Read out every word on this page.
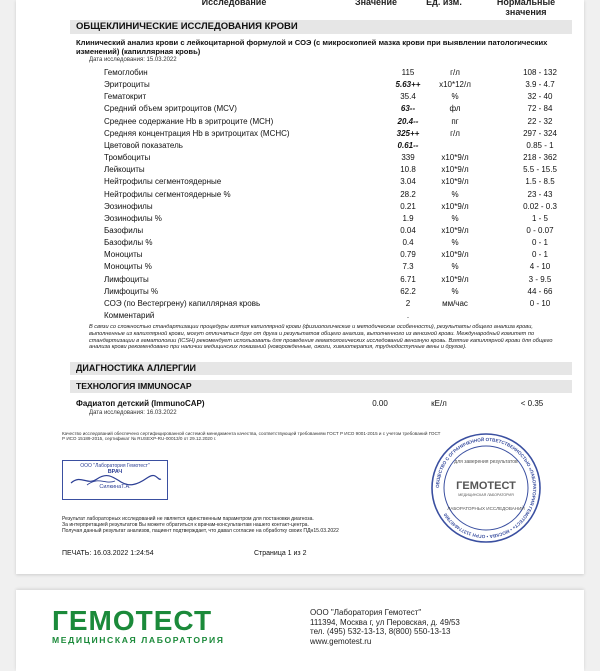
Исследование	Значение	Ед. изм.	Нормальные значения
ОБЩЕКЛИНИЧЕСКИЕ ИССЛЕДОВАНИЯ КРОВИ
Клинический анализ крови с лейкоцитарной формулой и СОЭ (с микроскопией мазка крови при выявлении патологических изменений) (капиллярная кровь)
Дата исследования: 15.03.2022
Гемоглобин	115	г/л	108 - 132
Эритроциты	5.63++	x10*12/л	3.9 - 4.7
Гематокрит	35.4	%	32 - 40
Средний объем эритроцитов (MCV)	63--	фл	72 - 84
Среднее содержание Hb в эритроците (MCH)	20.4--	пг	22 - 32
Средняя концентрация Hb в эритроцитах (MCHC)	325++	г/л	297 - 324
Цветовой показатель	0.61--	0.85 - 1
Тромбоциты	339	x10*9/л	218 - 362
Лейкоциты	10.8	x10*9/л	5.5 - 15.5
Нейтрофилы сегментоядерные	3.04	x10*9/л	1.5 - 8.5
Нейтрофилы сегментоядерные %	28.2	%	23 - 43
Эозинофилы	0.21	x10*9/л	0.02 - 0.3
Эозинофилы %	1.9	%	1 - 5
Базофилы	0.04	x10*9/л	0 - 0.07
Базофилы %	0.4	%	0 - 1
Моноциты	0.79	x10*9/л	0 - 1
Моноциты %	7.3	%	4 - 10
Лимфоциты	6.71	x10*9/л	3 - 9.5
Лимфоциты %	62.2	%	44 - 66
СОЭ (по Вестергрену) капиллярная кровь	2	мм/час	0 - 10
Комментарий	.
В связи со сложностью стандартизации процедуры взятия капиллярной крови (физиологические и методические особенности), результаты общего анализа крови, выполненные из капиллярной крови, могут отличаться друг от друга и результатов общего анализа, выполненного из венозной крови. Международный комитет по стандартизации в гематологии (ICSH) рекомендует использовать для проведения гематологических исследований венозную кровь. Взятие капиллярной крови для общего анализа крови рекомендовано при наличии медицинских показаний (новорожденные, ожоги, химиотерапия, труднодоступные вены и другое).
ДИАГНОСТИКА АЛЛЕРГИИ
ТЕХНОЛОГИЯ IMMUNOCAP
Фадиатоп детский (ImmunoCAP)	0.00	кЕ/л	< 0.35
Дата исследования: 16.03.2022
Качество исследований обеспечено сертифицированной системой менеджмента качества, соответствующей требованиям ГОСТ Р ИСО 9001-2015 и с учетом требований ГОСТ Р ИСО 15189-2015, сертификат № RUSEXP-RU-00013/0 от 29.12.2020 г.
ООО "Лаборатория Гемотест"
ВРАЧ
СилкинаТ.А.	ОБЩЕСТВО С ОГРАНИЧЕННОЙ ОТВЕТСТВЕННОСТЬЮ «ЛАБОРАТОРИЯ ГЕМОТЕСТ» • МОСКВА • ОГРН 1137746457960
для заверения результатов
ГЕМОТЕСТ
МЕДИЦИНСКАЯ ЛАБОРАТОРИЯ
ЛАБОРАТОРНЫХ ИССЛЕДОВАНИЙ
Результат лабораторных исследований не является единственным параметром для постановки диагноза.
За интерпретацией результатов Вы можете обратиться к врачам-консультантам нашего контакт-центра.
Получая данный результат анализов, пациент подтверждает, что давал согласие на обработку своих ПДн15.03.2022
ПЕЧАТЬ: 16.03.2022 1:24:54	Страница 1 из 2
ГЕМОТЕСТ
МЕДИЦИНСКАЯ ЛАБОРАТОРИЯ
ООО "Лаборатория Гемотест"
111394, Москва г, ул Перовская, д. 49/53
тел. (495) 532-13-13, 8(800) 550-13-13
www.gemotest.ru
